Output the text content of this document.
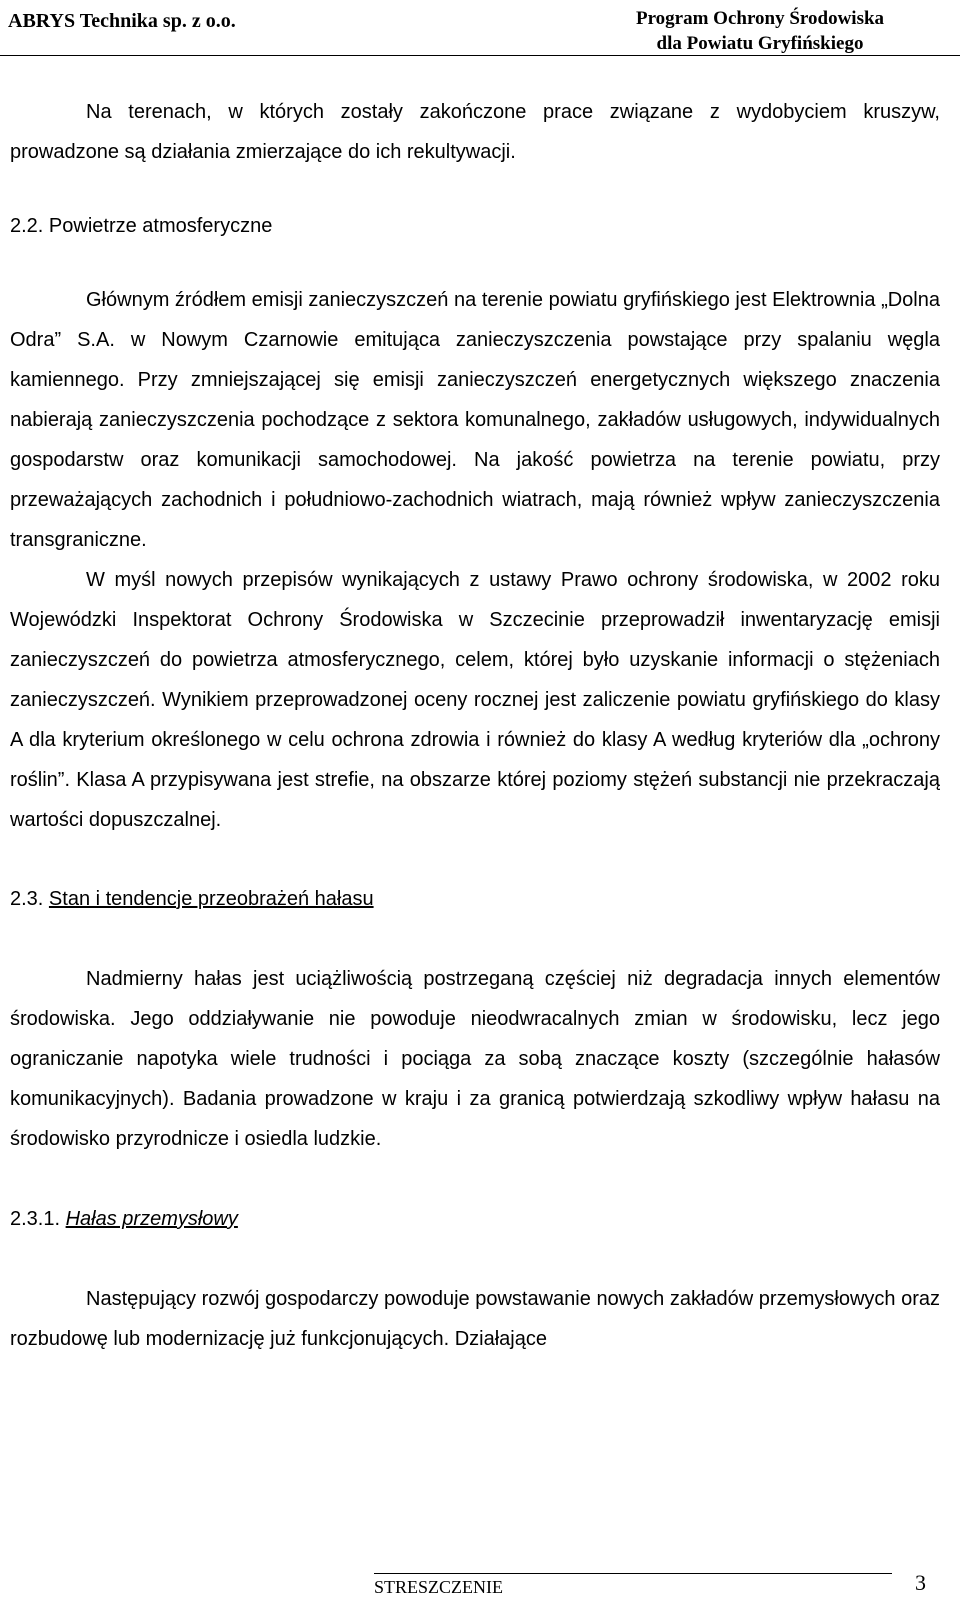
ABRYS Technika sp. z o.o.	Program Ochrony Środowiska
dla Powiatu Gryfińskiego

Na terenach, w których zostały zakończone prace związane z wydobyciem kruszyw, prowadzone są działania zmierzające do ich rekultywacji.

2.2. Powietrze atmosferyczne

Głównym źródłem emisji zanieczyszczeń na terenie powiatu gryfińskiego jest Elektrownia „Dolna Odra” S.A. w Nowym Czarnowie emitująca zanieczyszczenia powstające przy spalaniu węgla kamiennego. Przy zmniejszającej się emisji zanieczyszczeń energetycznych większego znaczenia nabierają zanieczyszczenia pochodzące z sektora komunalnego, zakładów usługowych, indywidualnych gospodarstw oraz komunikacji samochodowej. Na jakość powietrza na terenie powiatu, przy przeważających zachodnich i południowo-zachodnich wiatrach, mają również wpływ zanieczyszczenia transgraniczne.

W myśl nowych przepisów wynikających z ustawy Prawo ochrony środowiska, w 2002 roku Wojewódzki Inspektorat Ochrony Środowiska w Szczecinie przeprowadził inwentaryzację emisji zanieczyszczeń do powietrza atmosferycznego, celem, której było uzyskanie informacji o stężeniach zanieczyszczeń. Wynikiem przeprowadzonej oceny rocznej jest zaliczenie powiatu gryfińskiego do klasy A dla kryterium określonego w celu ochrona zdrowia i również do klasy A według kryteriów dla „ochrony roślin”. Klasa A przypisywana jest strefie, na obszarze której poziomy stężeń substancji nie przekraczają wartości dopuszczalnej.

2.3. Stan i tendencje przeobrażeń hałasu

Nadmierny hałas jest uciążliwością postrzeganą częściej niż degradacja innych elementów środowiska. Jego oddziaływanie nie powoduje nieodwracalnych zmian w środowisku, lecz jego ograniczanie napotyka wiele trudności i pociąga za sobą znaczące koszty (szczególnie hałasów komunikacyjnych). Badania prowadzone w kraju i za granicą potwierdzają szkodliwy wpływ hałasu na środowisko przyrodnicze i osiedla ludzkie.

2.3.1. Hałas przemysłowy

Następujący rozwój gospodarczy powoduje powstawanie nowych zakładów przemysłowych oraz rozbudowę lub modernizację już funkcjonujących. Działające

STRESZCZENIE	3
